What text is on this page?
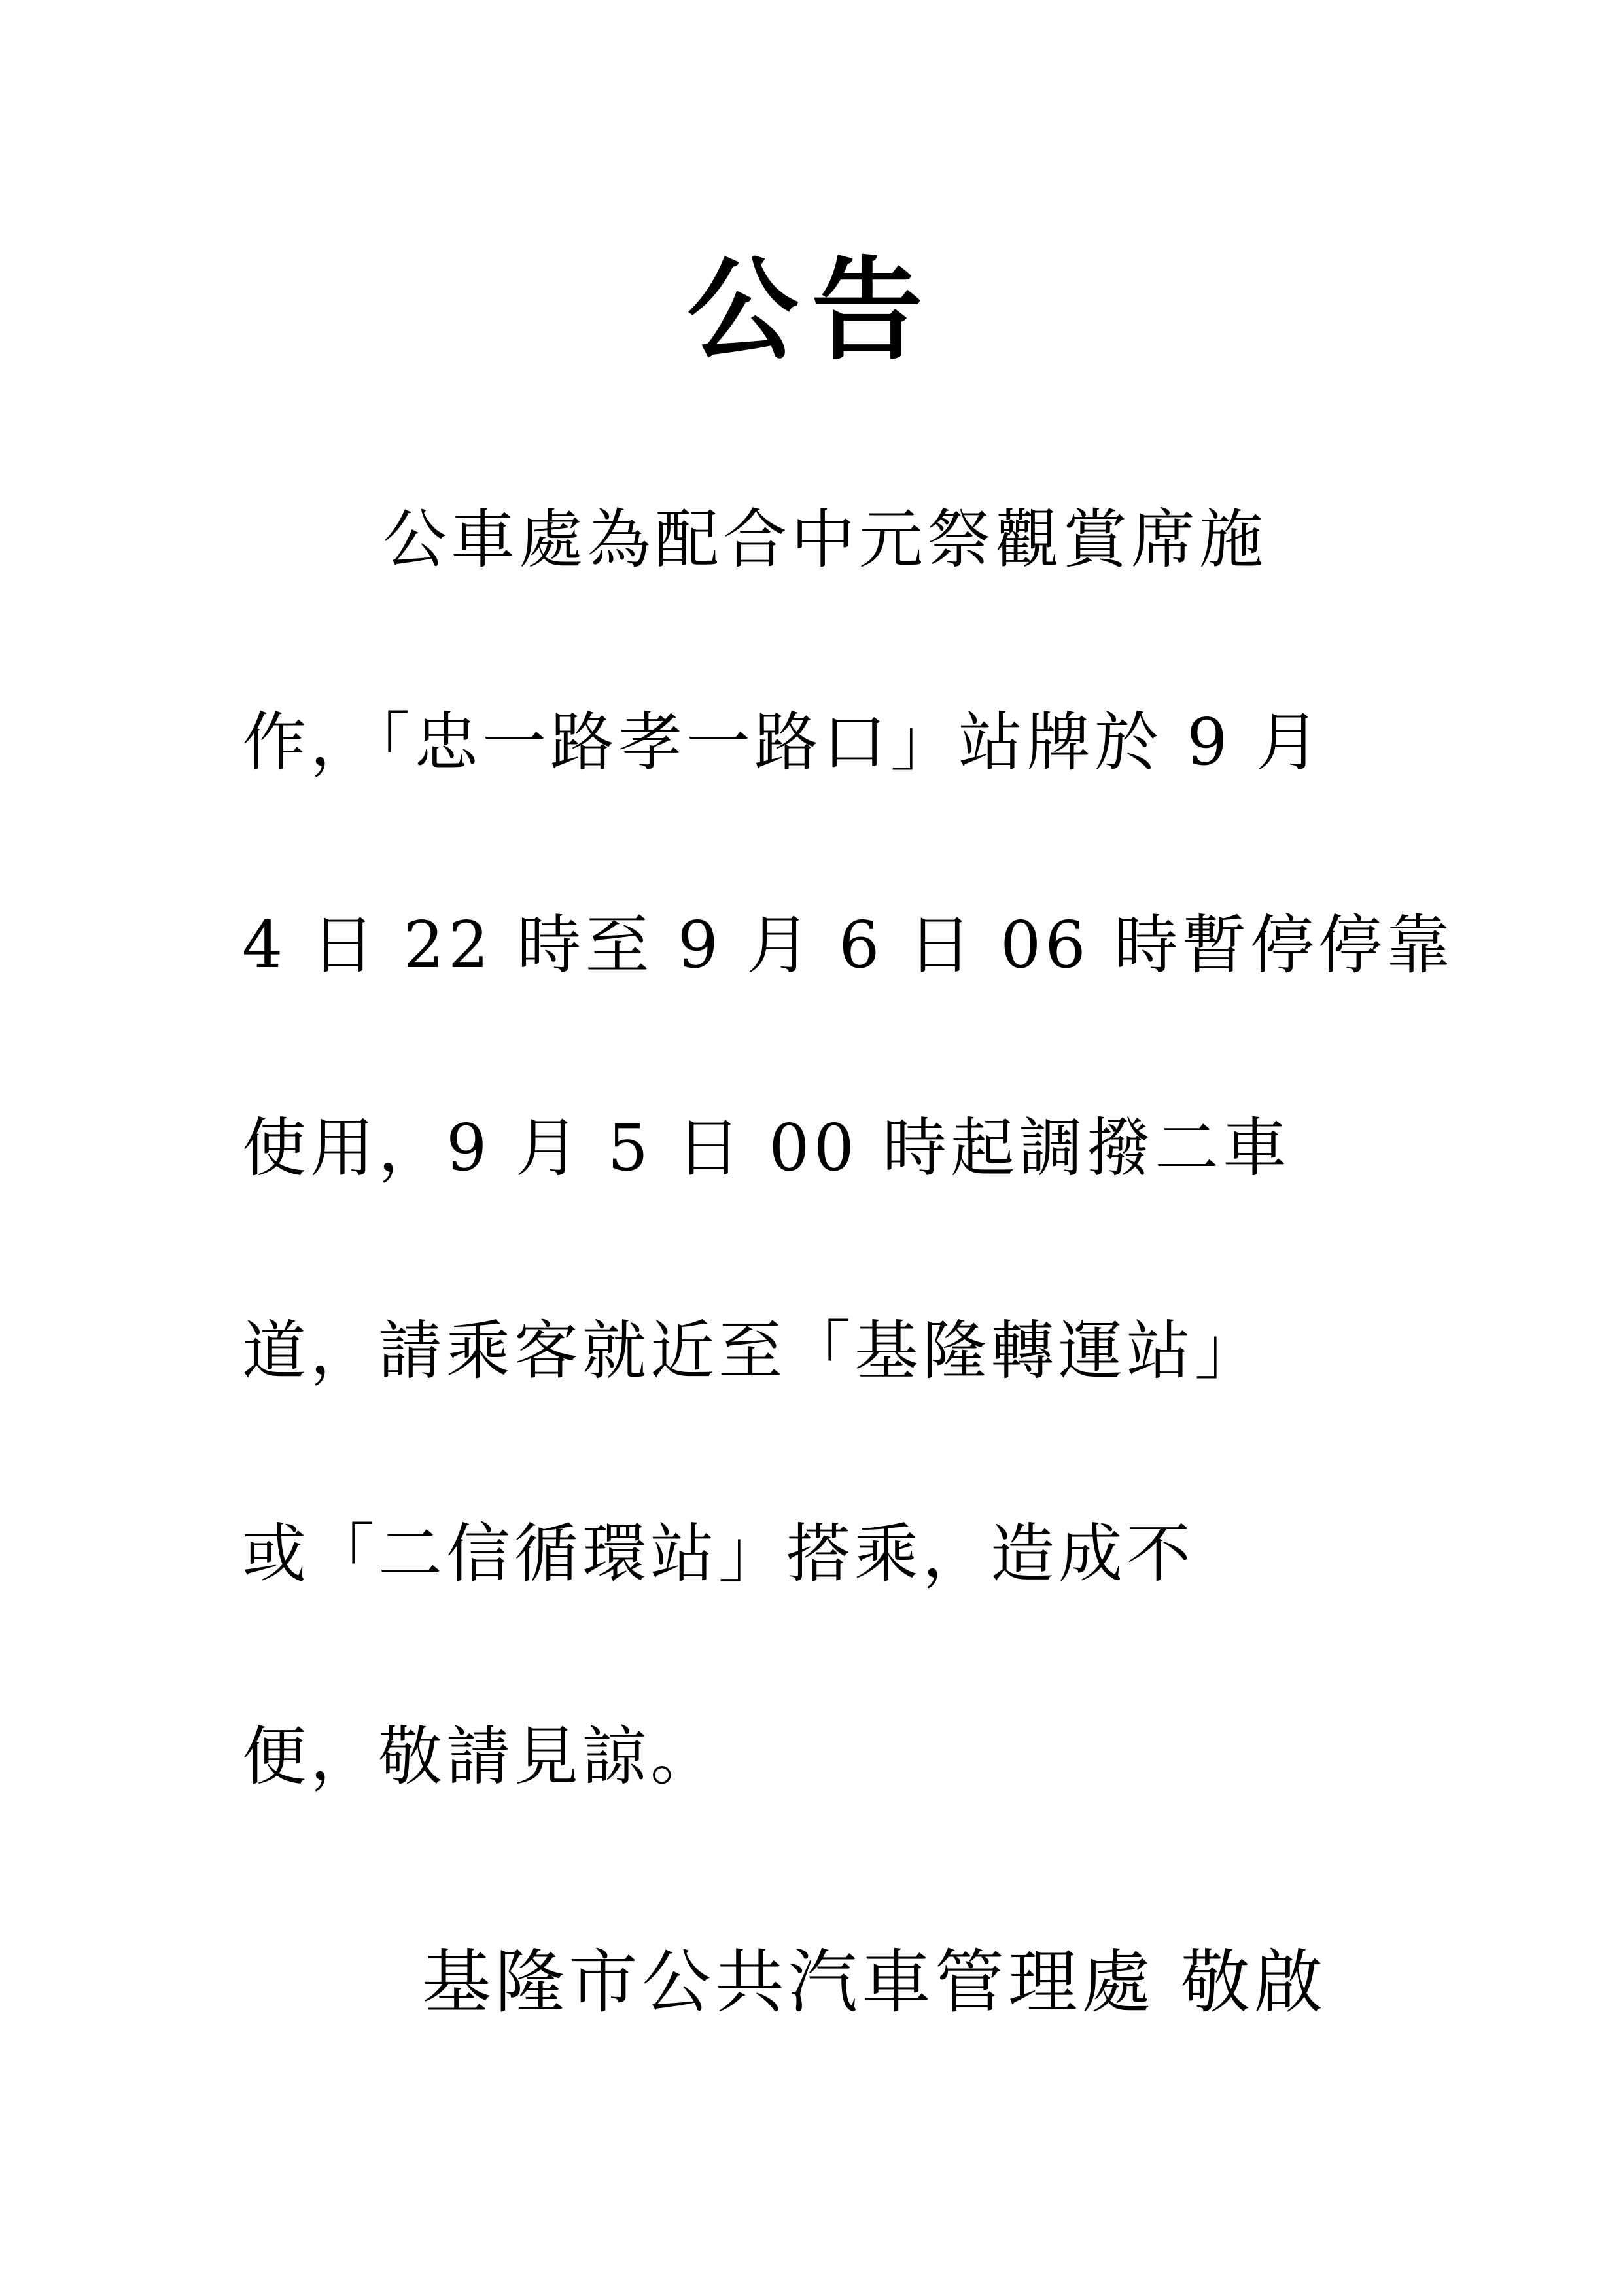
公告
公車處為配合中元祭觀賞席施
作，「忠一路孝一路口」站牌於 9 月
4 日 22 時至 9 月 6 日 06 時暫停停靠
使用，9 月 5 日 00 時起調撥二車
道，請乘客就近至「基隆轉運站」
或「二信循環站」搭乘，造成不
便，敬請見諒。
基隆市公共汽車管理處 敬啟
